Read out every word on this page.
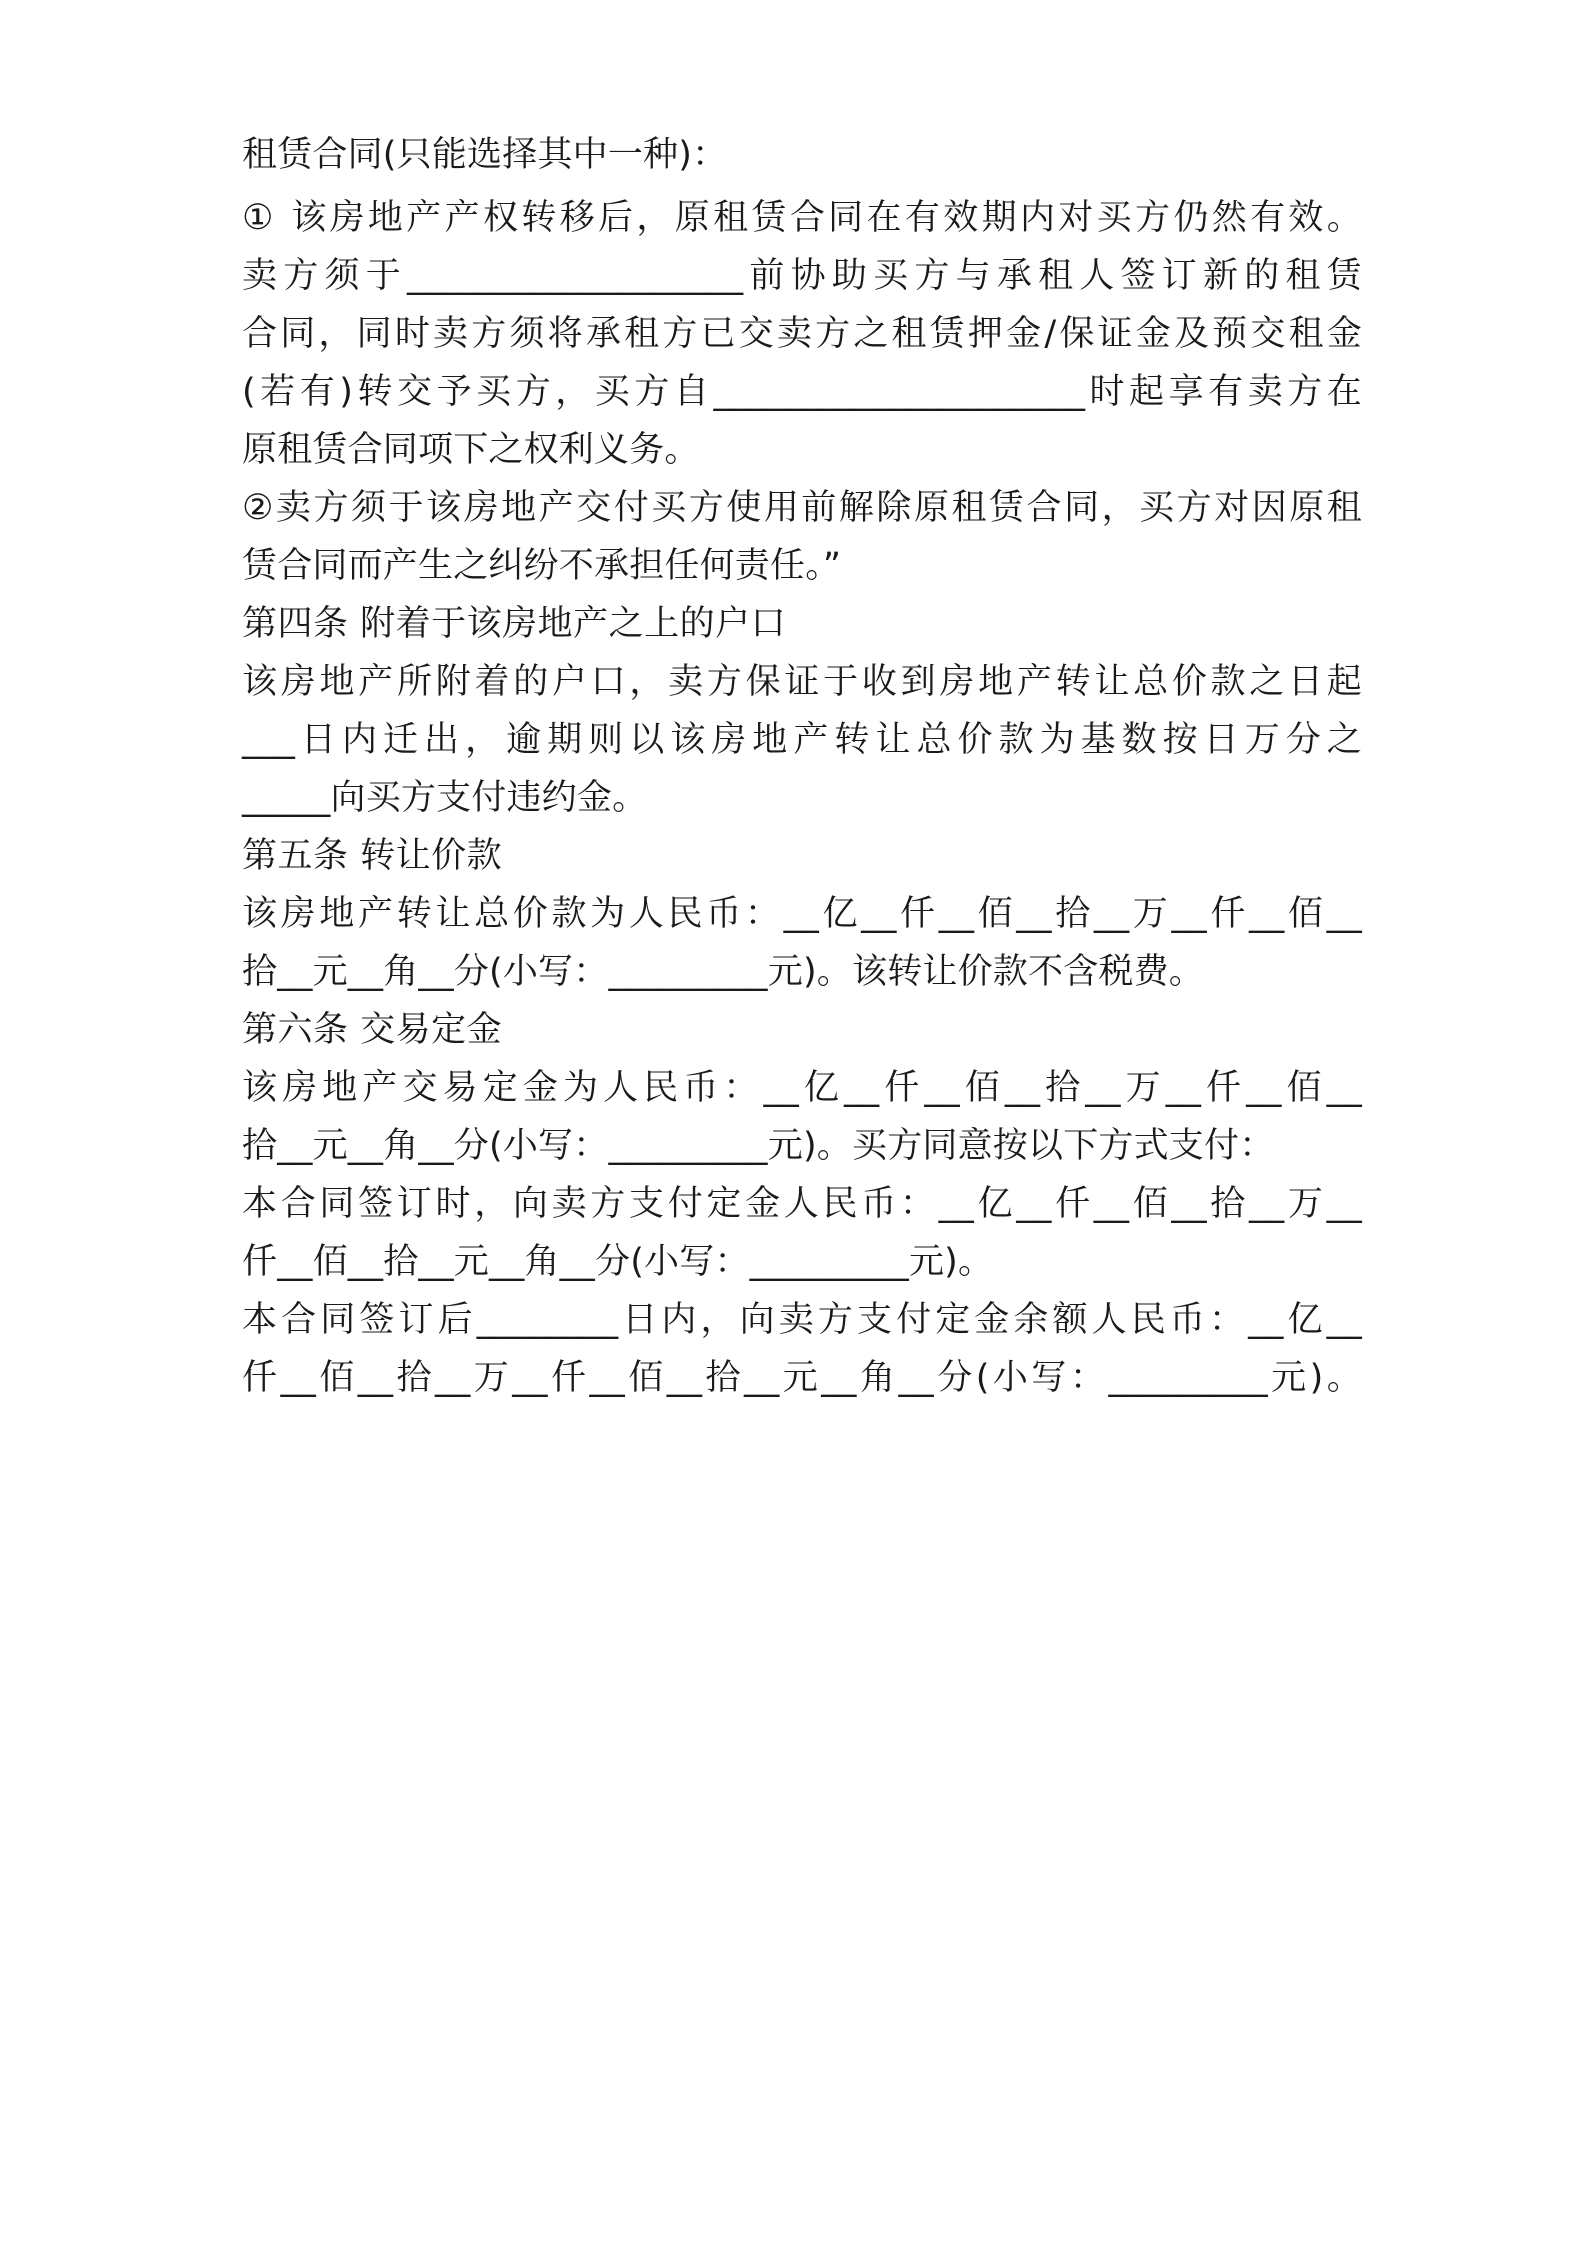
租赁合同(只能选择其中一种)：
① 该房地产产权转移后，原租赁合同在有效期内对买方仍然有效。
卖方须于___________________前协助买方与承租人签订新的租赁
合同，同时卖方须将承租方已交卖方之租赁押金/保证金及预交租金
(若有)转交予买方，买方自_____________________时起享有卖方在
原租赁合同项下之权利义务。
②卖方须于该房地产交付买方使用前解除原租赁合同，买方对因原租
赁合同而产生之纠纷不承担任何责任。”
第四条 附着于该房地产之上的户口
该房地产所附着的户口，卖方保证于收到房地产转让总价款之日起
___日内迁出，逾期则以该房地产转让总价款为基数按日万分之
_____向买方支付违约金。
第五条 转让价款
该房地产转让总价款为人民币：__亿__仟__佰__拾__万__仟__佰__
拾__元__角__分(小写：_________元)。该转让价款不含税费。
第六条 交易定金
该房地产交易定金为人民币：__亿__仟__佰__拾__万__仟__佰__
拾__元__角__分(小写：_________元)。买方同意按以下方式支付：
本合同签订时，向卖方支付定金人民币：__亿__仟__佰__拾__万__
仟__佰__拾__元__角__分(小写：_________元)。
本合同签订后________日内，向卖方支付定金余额人民币：__亿__
仟__佰__拾__万__仟__佰__拾__元__角__分(小写：_________元)。
